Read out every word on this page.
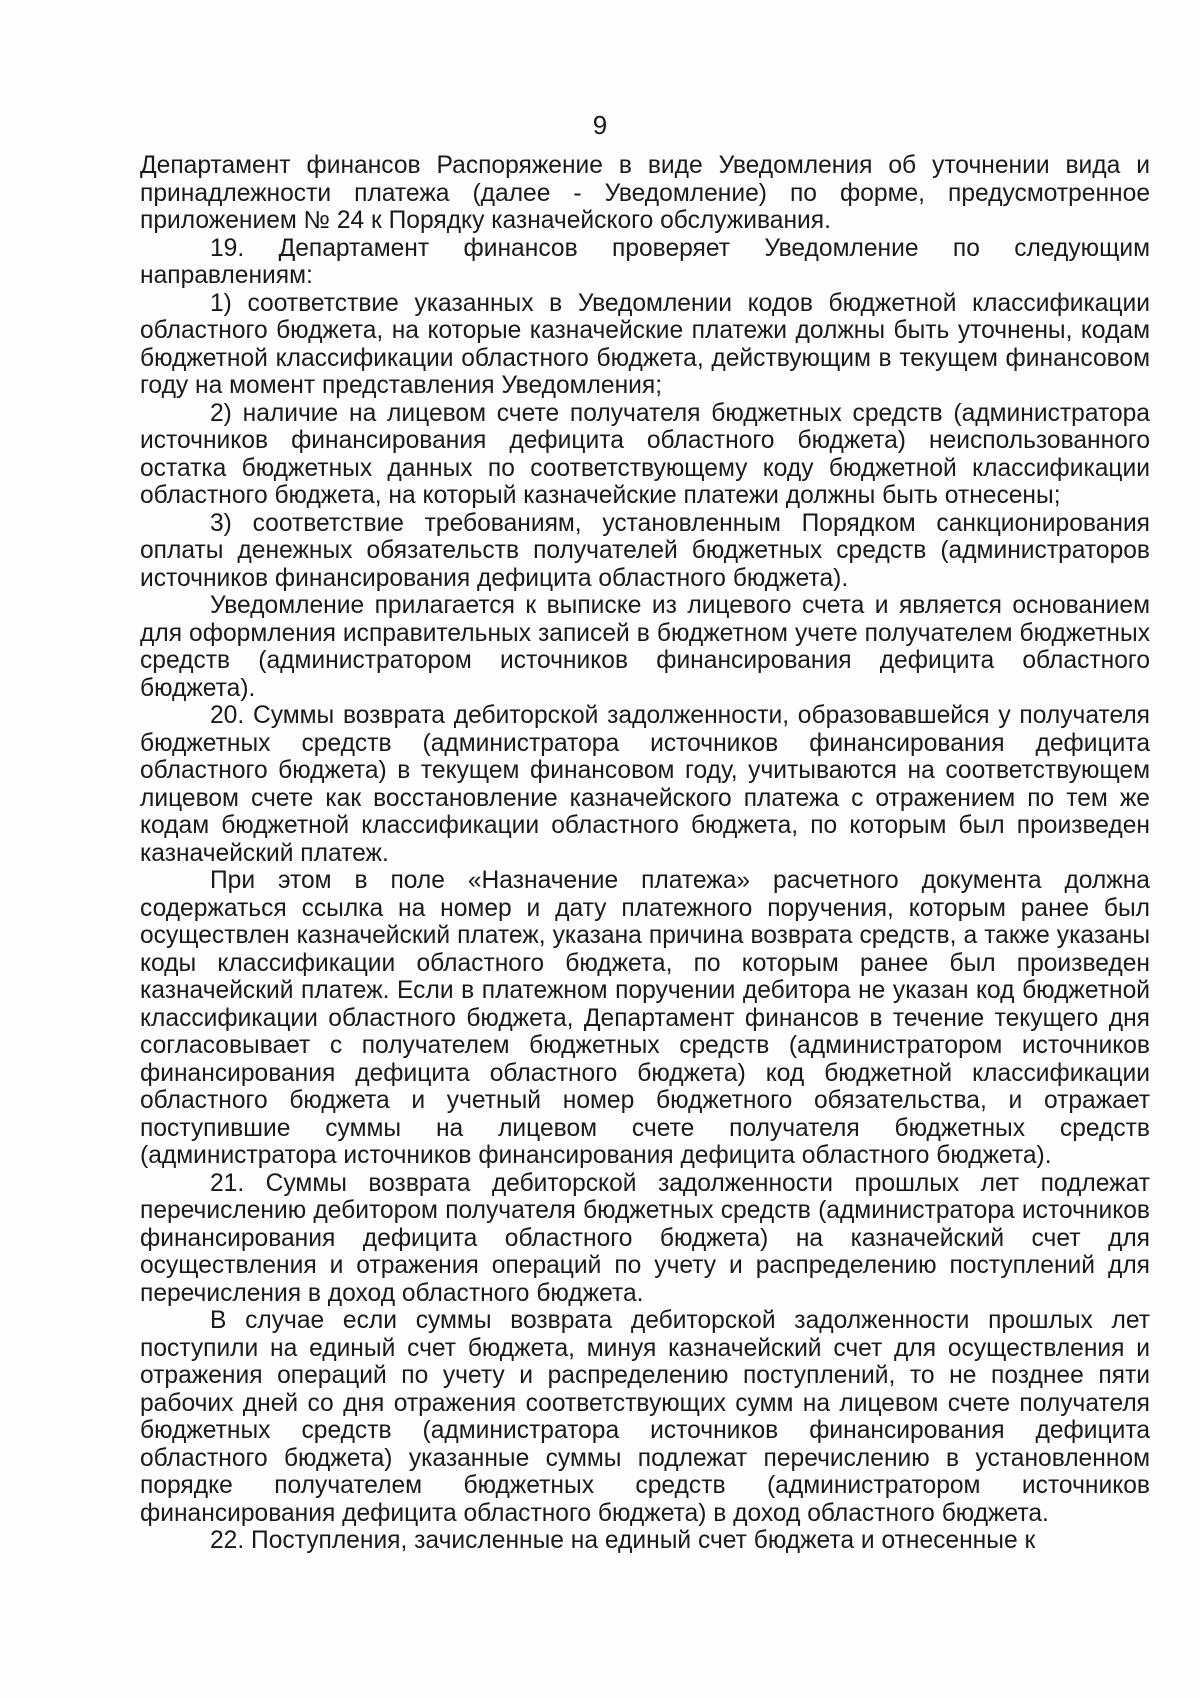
9

Департамент финансов Распоряжение в виде Уведомления об уточнении вида и принадлежности платежа (далее - Уведомление) по форме, предусмотренное приложением № 24 к Порядку казначейского обслуживания.

19. Департамент финансов проверяет Уведомление по следующим направлениям:

1) соответствие указанных в Уведомлении кодов бюджетной классификации областного бюджета, на которые казначейские платежи должны быть уточнены, кодам бюджетной классификации областного бюджета, действующим в текущем финансовом году на момент представления Уведомления;

2) наличие на лицевом счете получателя бюджетных средств (администратора источников финансирования дефицита областного бюджета) неиспользованного остатка бюджетных данных по соответствующему коду бюджетной классификации областного бюджета, на который казначейские платежи должны быть отнесены;

3) соответствие требованиям, установленным Порядком санкционирования оплаты денежных обязательств получателей бюджетных средств (администраторов источников финансирования дефицита областного бюджета).

Уведомление прилагается к выписке из лицевого счета и является основанием для оформления исправительных записей в бюджетном учете получателем бюджетных средств (администратором источников финансирования дефицита областного бюджета).

20. Суммы возврата дебиторской задолженности, образовавшейся у получателя бюджетных средств (администратора источников финансирования дефицита областного бюджета) в текущем финансовом году, учитываются на соответствующем лицевом счете как восстановление казначейского платежа с отражением по тем же кодам бюджетной классификации областного бюджета, по которым был произведен казначейский платеж.

При этом в поле «Назначение платежа» расчетного документа должна содержаться ссылка на номер и дату платежного поручения, которым ранее был осуществлен казначейский платеж, указана причина возврата средств, а также указаны коды классификации областного бюджета, по которым ранее был произведен казначейский платеж. Если в платежном поручении дебитора не указан код бюджетной классификации областного бюджета, Департамент финансов в течение текущего дня согласовывает с получателем бюджетных средств (администратором источников финансирования дефицита областного бюджета) код бюджетной классификации областного бюджета и учетный номер бюджетного обязательства, и отражает поступившие суммы на лицевом счете получателя бюджетных средств (администратора источников финансирования дефицита областного бюджета).

21. Суммы возврата дебиторской задолженности прошлых лет подлежат перечислению дебитором получателя бюджетных средств (администратора источников финансирования дефицита областного бюджета) на казначейский счет для осуществления и отражения операций по учету и распределению поступлений для перечисления в доход областного бюджета.

В случае если суммы возврата дебиторской задолженности прошлых лет поступили на единый счет бюджета, минуя казначейский счет для осуществления и отражения операций по учету и распределению поступлений, то не позднее пяти рабочих дней со дня отражения соответствующих сумм на лицевом счете получателя бюджетных средств (администратора источников финансирования дефицита областного бюджета) указанные суммы подлежат перечислению в установленном порядке получателем бюджетных средств (администратором источников финансирования дефицита областного бюджета) в доход областного бюджета.

22. Поступления, зачисленные на единый счет бюджета и отнесенные к
